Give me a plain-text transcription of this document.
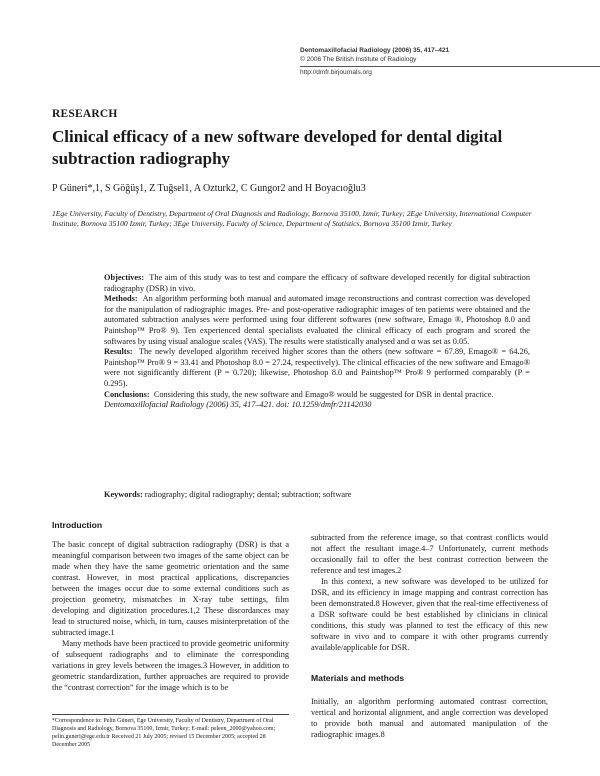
Dentomaxillofacial Radiology (2006) 35, 417–421
© 2006 The British Institute of Radiology
http://dmfr.birjournals.org
RESEARCH
Clinical efficacy of a new software developed for dental digital subtraction radiography
P Güneri*,1, S Göğüş1, Z Tuğsel1, A Ozturk2, C Gungor2 and H Boyacıoğlu3
1Ege University, Faculty of Dentistry, Department of Oral Diagnosis and Radiology, Bornova 35100, Izmir, Turkey; 2Ege University, International Computer Institute, Bornova 35100 Izmir, Turkey; 3Ege University, Faculty of Science, Department of Statistics, Bornova 35100 Izmir, Turkey

Objectives: The aim of this study was to test and compare the efficacy of software developed recently for digital subtraction radiography (DSR) in vivo.

Methods: An algorithm performing both manual and automated image reconstructions and contrast correction was developed for the manipulation of radiographic images. Pre- and post-operative radiographic images of ten patients were obtained and the automated subtraction analyses were performed using four different softwares (new software, Emago ®, Photoshop 8.0 and Paintshop™ Pro® 9). Ten experienced dental specialists evaluated the clinical efficacy of each program and scored the softwares by using visual analogue scales (VAS). The results were statistically analysed and α was set as 0.05.

Results: The newly developed algorithm received higher scores than the others (new software = 67.89, Emago® = 64.26, Paintshop™ Pro® 9 = 33.41 and Photoshop 8.0 = 27.24, respectively). The clinical efficacies of the new software and Emago® were not significantly different (P = 0.720); likewise, Photoshop 8.0 and Paintshop™ Pro® 9 performed comparably (P = 0.295).

Conclusions: Considering this study, the new software and Emago® would be suggested for DSR in dental practice.

Dentomaxillofacial Radiology (2006) 35, 417–421. doi: 10.1259/dmfr/21142030

Keywords: radiography; digital radiography; dental; subtraction; software
Introduction

The basic concept of digital subtraction radiography (DSR) is that a meaningful comparison between two images of the same object can be made when they have the same geometric orientation and the same contrast. However, in most practical applications, discrepancies between the images occur due to some external conditions such as projection geometry, mismatches in X-ray tube settings, film developing and digitization procedures.1,2 These discordances may lead to structured noise, which, in turn, causes misinterpretation of the subtracted image.1

Many methods have been practiced to provide geometric uniformity of subsequent radiographs and to eliminate the corresponding variations in grey levels between the images.3 However, in addition to geometric standardization, further approaches are required to provide the “contrast correction” for the image which is to be

subtracted from the reference image, so that contrast conflicts would not affect the resultant image.4–7 Unfortunately, current methods occasionally fail to offer the best contrast correction between the reference and test images.2

In this context, a new software was developed to be utilized for DSR, and its efficiency in image mapping and contrast correction has been demonstrated.8 However, given that the real-time effectiveness of a DSR software could be best established by clinicians in clinical conditions, this study was planned to test the efficacy of this new software in vivo and to compare it with other programs currently available/applicable for DSR.

Materials and methods

Initially, an algorithm performing automated contrast correction, vertical and horizontal alignment, and angle correction was developed to provide both manual and automated manipulation of the radiographic images.8

*Correspondence to: Pelin Güneri, Ege University, Faculty of Dentistry, Department of Oral Diagnosis and Radiology, Bornova 35100, Izmir, Turkey; E-mail: peleen_2000@yahoo.com; pelin.guneri@ege.edu.tr Received 21 July 2005; revised 15 December 2005; accepted 28 December 2005
